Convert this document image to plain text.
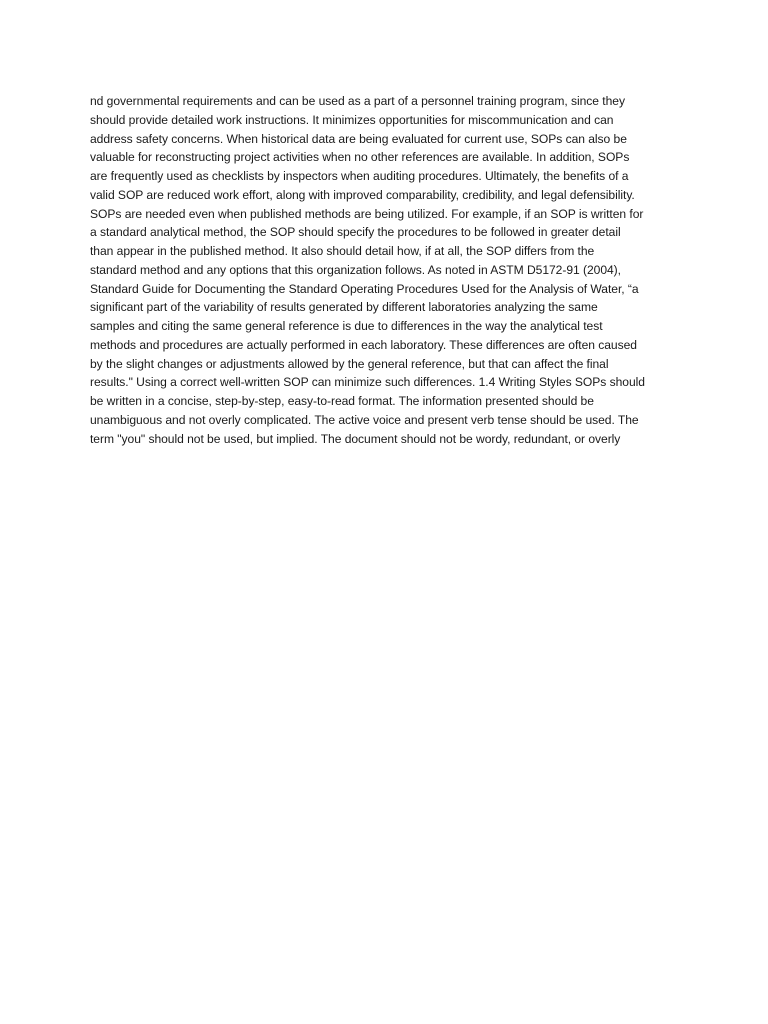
nd governmental requirements and can be used as a part of a personnel training program, since they
should provide detailed work instructions. It minimizes opportunities for miscommunication and can
address safety concerns. When historical data are being evaluated for current use, SOPs can also be
valuable for reconstructing project activities when no other references are available. In addition, SOPs
are frequently used as checklists by inspectors when auditing procedures. Ultimately, the benefits of a
valid SOP are reduced work effort, along with improved comparability, credibility, and legal defensibility.
SOPs are needed even when published methods are being utilized. For example, if an SOP is written for
a standard analytical method, the SOP should specify the procedures to be followed in greater detail
than appear in the published method. It also should detail how, if at all, the SOP differs from the
standard method and any options that this organization follows. As noted in ASTM D5172-91 (2004),
Standard Guide for Documenting the Standard Operating Procedures Used for the Analysis of Water, “a
significant part of the variability of results generated by different laboratories analyzing the same
samples and citing the same general reference is due to differences in the way the analytical test
methods and procedures are actually performed in each laboratory. These differences are often caused
by the slight changes or adjustments allowed by the general reference, but that can affect the final
results." Using a correct well-written SOP can minimize such differences. 1.4 Writing Styles SOPs should
be written in a concise, step-by-step, easy-to-read format. The information presented should be
unambiguous and not overly complicated. The active voice and present verb tense should be used. The
term "you" should not be used, but implied. The document should not be wordy, redundant, or overly
